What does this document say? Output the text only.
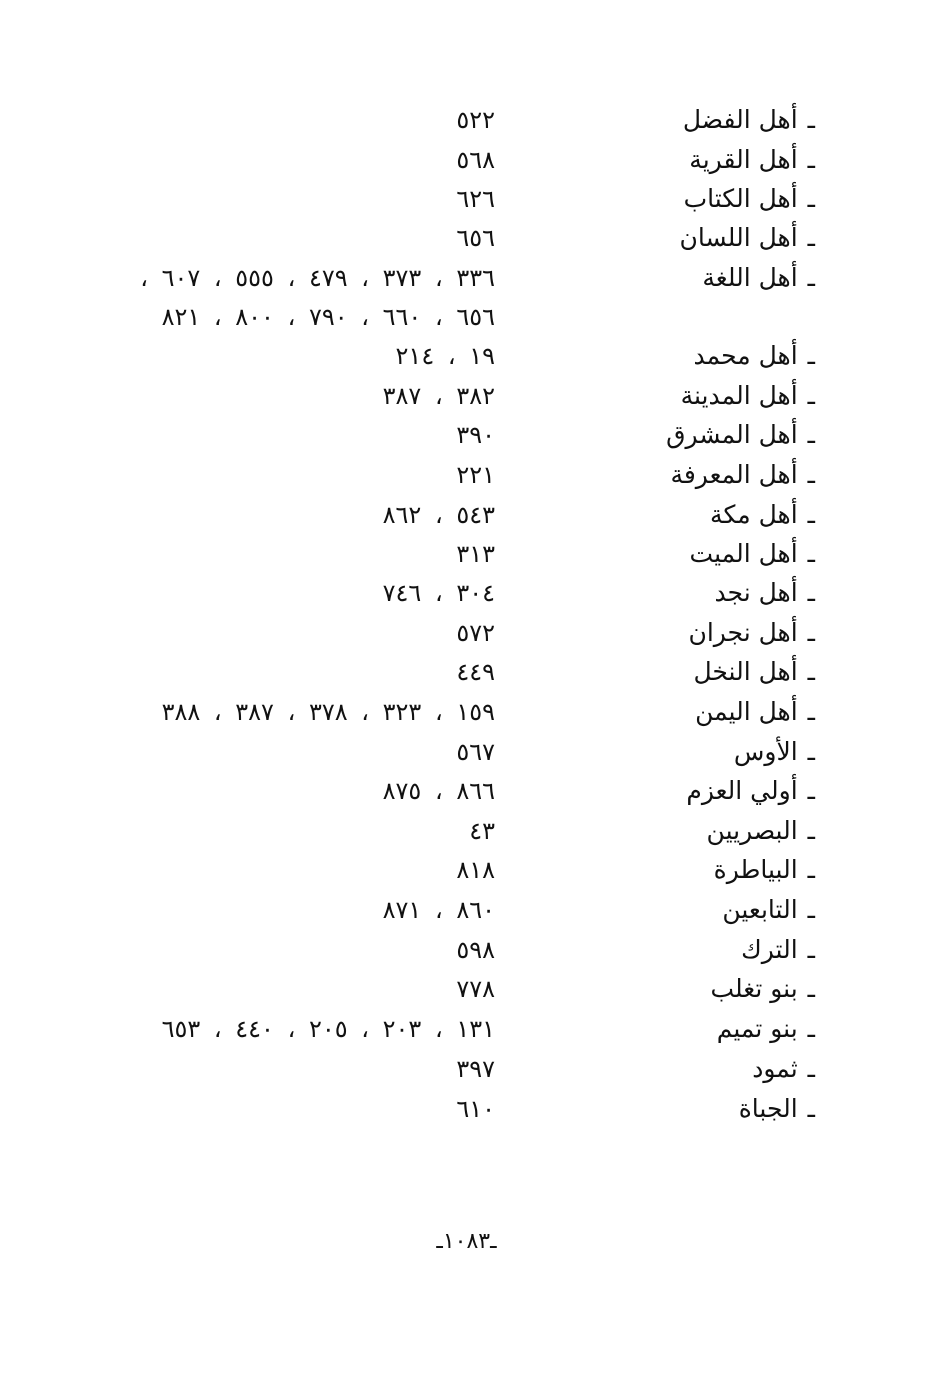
ـأهل الفضل
٥٢٢
ـأهل القرية
٥٦٨
ـأهل الكتاب
٦٢٦
ـأهل اللسان
٦٥٦
ـأهل اللغة
٣٣٦ ، ٣٧٣ ، ٤٧٩ ، ٥٥٥ ، ٦٠٧ ،
٦٥٦ ، ٦٦٠ ، ٧٩٠ ، ٨٠٠ ، ٨٢١
ـأهل محمد
١٩ ، ٢١٤
ـأهل المدينة
٣٨٢ ، ٣٨٧
ـأهل المشرق
٣٩٠
ـأهل المعرفة
٢٢١
ـأهل مكة
٥٤٣ ، ٨٦٢
ـأهل الميت
٣١٣
ـأهل نجد
٣٠٤ ، ٧٤٦
ـأهل نجران
٥٧٢
ـأهل النخل
٤٤٩
ـأهل اليمن
١٥٩ ، ٣٢٣ ، ٣٧٨ ، ٣٨٧ ، ٣٨٨
ـالأوس
٥٦٧
ـأولي العزم
٨٦٦ ، ٨٧٥
ـالبصريين
٤٣
ـالبياطرة
٨١٨
ـالتابعين
٨٦٠ ، ٨٧١
ـالترك
٥٩٨
ـبنو تغلب
٧٧٨
ـبنو تميم
١٣١ ، ٢٠٣ ، ٢٠٥ ، ٤٤٠ ، ٦٥٣
ـثمود
٣٩٧
ـالجباة
٦١٠
ـ١٠٨٣ـ
